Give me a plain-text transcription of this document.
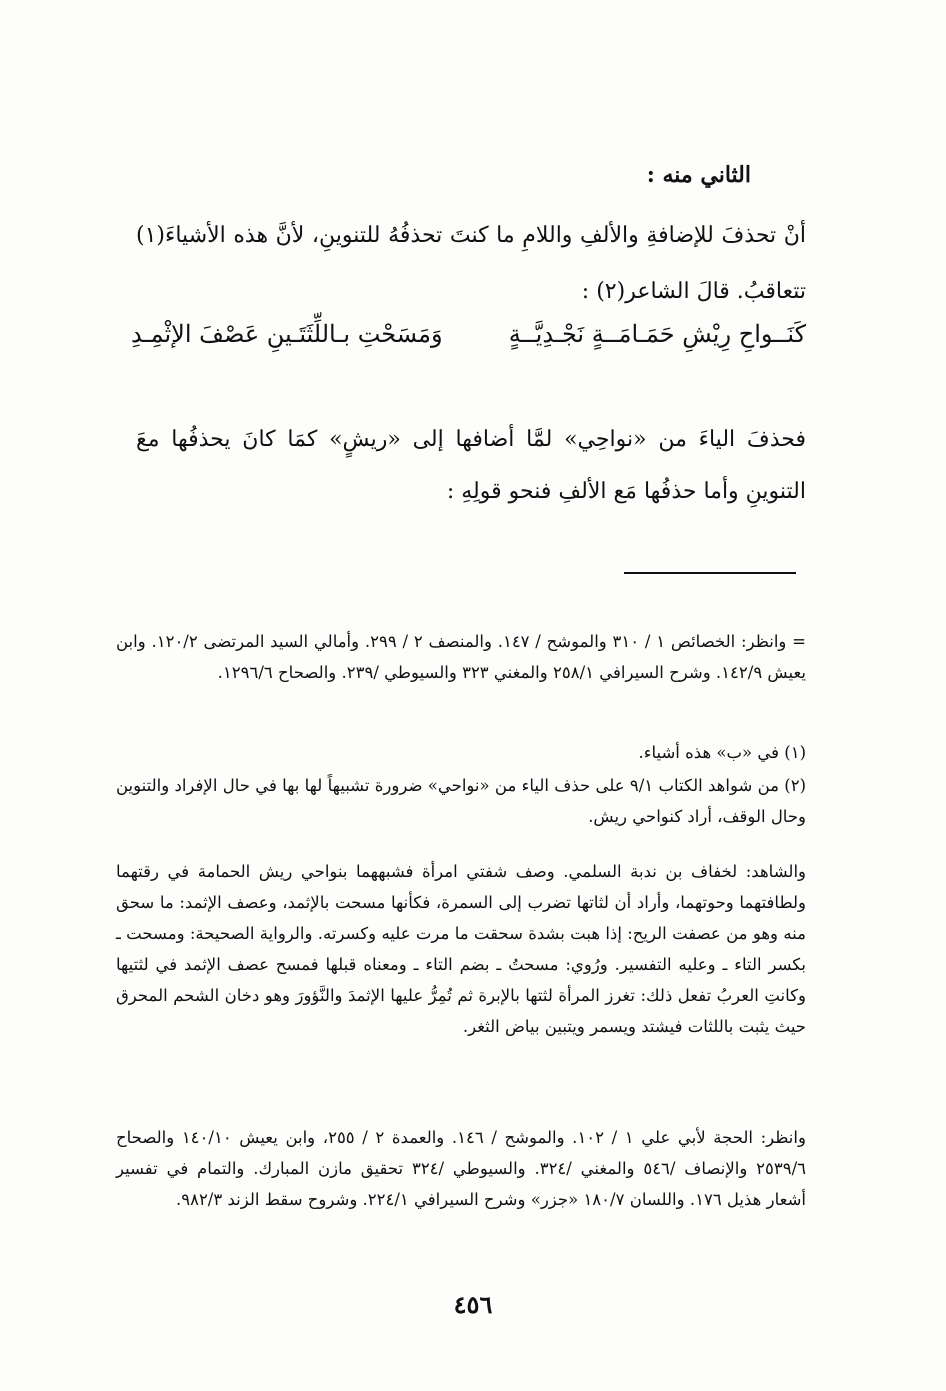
الثاني منه :
أنْ تحذفَ للإضافةِ والألفِ واللامِ ما كنتَ تحذفُهُ للتنوينِ، لأنَّ هذه الأشياءَ(١) تتعاقبُ. قالَ الشاعر(٢) :
كَنَــواحِ رِيْشِ حَمَـامَــةٍ نَجْـدِيَّــةٍ
وَمَسَحْتِ بـاللِّثَتَـينِ عَصْفَ الإثْمِـدِ
فحذفَ الياءَ من «نواحِي» لمَّا أضافها إلى «ريشٍ» كمَا كانَ يحذفُها معَ التنوينِ وأما حذفُها مَع الألفِ فنحو قولِهِ :
= وانظر: الخصائص ١ / ٣١٠ والموشح / ١٤٧. والمنصف ٢ / ٢٩٩. وأمالي السيد المرتضى ١٢٠/٢. وابن يعيش ١٤٢/٩. وشرح السيرافي ٢٥٨/١ والمغني ٣٢٣ والسيوطي /٢٣٩. والصحاح ١٢٩٦/٦.
(١) في «ب» هذه أشياء.
(٢) من شواهد الكتاب ٩/١ على حذف الياء من «نواحي» ضرورة تشبيهاً لها بها في حال الإفراد والتنوين وحال الوقف، أراد كنواحي ريش.
والشاهد: لخفاف بن ندبة السلمي. وصف شفتي امرأة فشبههما بنواحي ريش الحمامة في رقتهما ولطافتهما وحوتهما، وأراد أن لثاتها تضرب إلى السمرة، فكأنها مسحت بالإثمد، وعصف الإثمد: ما سحق منه وهو من عصفت الريح: إذا هبت بشدة سحقت ما مرت عليه وكسرته. والرواية الصحيحة: ومسحت ـ بكسر التاء ـ وعليه التفسير. ورُوي: مسحتُ ـ بضم التاء ـ ومعناه قبلها فمسح عصف الإثمد في لثتيها وكانتِ العربُ تفعل ذلك: تغرز المرأة لثتها بالإبرة ثم تُمِرُّ عليها الإثمدَ والنَّؤورَ وهو دخان الشحم المحرق حيث يثبت باللثات فيشتد ويسمر ويتبين بياض الثغر.
وانظر: الحجة لأبي علي ١ / ١٠٢. والموشح / ١٤٦. والعمدة ٢ / ٢٥٥، وابن يعيش ١٤٠/١٠ والصحاح ٢٥٣٩/٦ والإنصاف /٥٤٦ والمغني /٣٢٤. والسيوطي /٣٢٤ تحقيق مازن المبارك. والتمام في تفسير أشعار هذيل ١٧٦. واللسان ١٨٠/٧ «جزر» وشرح السيرافي ٢٢٤/١. وشروح سقط الزند ٩٨٢/٣.
٤٥٦
